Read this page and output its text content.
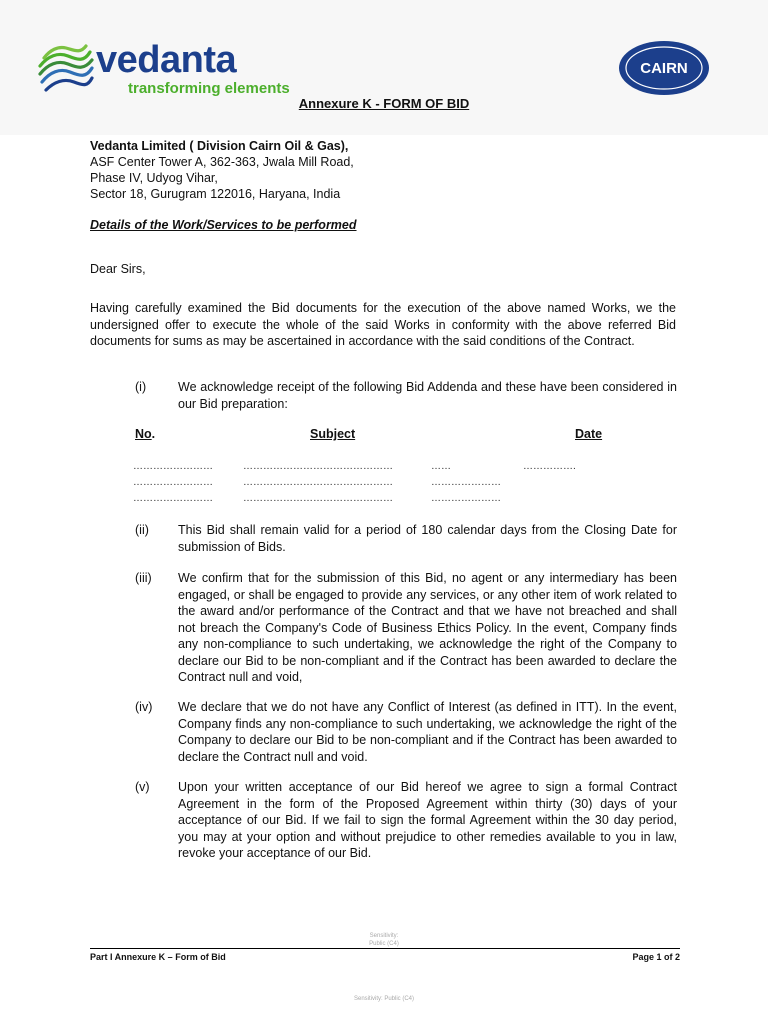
vedanta
transforming elements
CAIRN
Annexure K - FORM OF BID
Vedanta Limited ( Division Cairn Oil & Gas),
ASF Center Tower A, 362-363, Jwala Mill Road,
Phase IV, Udyog Vihar,
Sector 18, Gurugram 122016, Haryana, India
Details of the Work/Services to be performed
Dear Sirs,
Having carefully examined the Bid documents for the execution of the above named Works, we the undersigned offer to execute the whole of the said Works in conformity with the above referred Bid documents for sums as may be ascertained in accordance with the said conditions of the Contract.
(i)	We acknowledge receipt of the following Bid Addenda and these have been considered in our Bid preparation:
No.	Subject	Date
……………………	………………………………………	……	…………….
……………………	………………………………………	…………………
……………………	………………………………………	…………………
(ii)	This Bid shall remain valid for a period of 180 calendar days from the Closing Date for submission of Bids.
(iii)	We confirm that for the submission of this Bid, no agent or any intermediary has been engaged, or shall be engaged to provide any services, or any other item of work related to the award and/or performance of the Contract and that we have not breached and shall not breach the Company's Code of Business Ethics Policy. In the event, Company finds any non-compliance to such undertaking, we acknowledge the right of the Company to declare our Bid to be non-compliant and if the Contract has been awarded to declare the Contract null and void,
(iv)	We declare that we do not have any Conflict of Interest (as defined in ITT). In the event, Company finds any non-compliance to such undertaking, we acknowledge the right of the Company to declare our Bid to be non-compliant and if the Contract has been awarded to declare the Contract null and void.
(v)	Upon your written acceptance of our Bid hereof we agree to sign a formal Contract Agreement in the form of the Proposed Agreement within thirty (30) days of your acceptance of our Bid. If we fail to sign the formal Agreement within the 30 day period, you may at your option and without prejudice to other remedies available to you in law, revoke your acceptance of our Bid.
Sensitivity:
Public (C4)
Part I Annexure K – Form of Bid	Page 1 of 2
Sensitivity: Public (C4)
